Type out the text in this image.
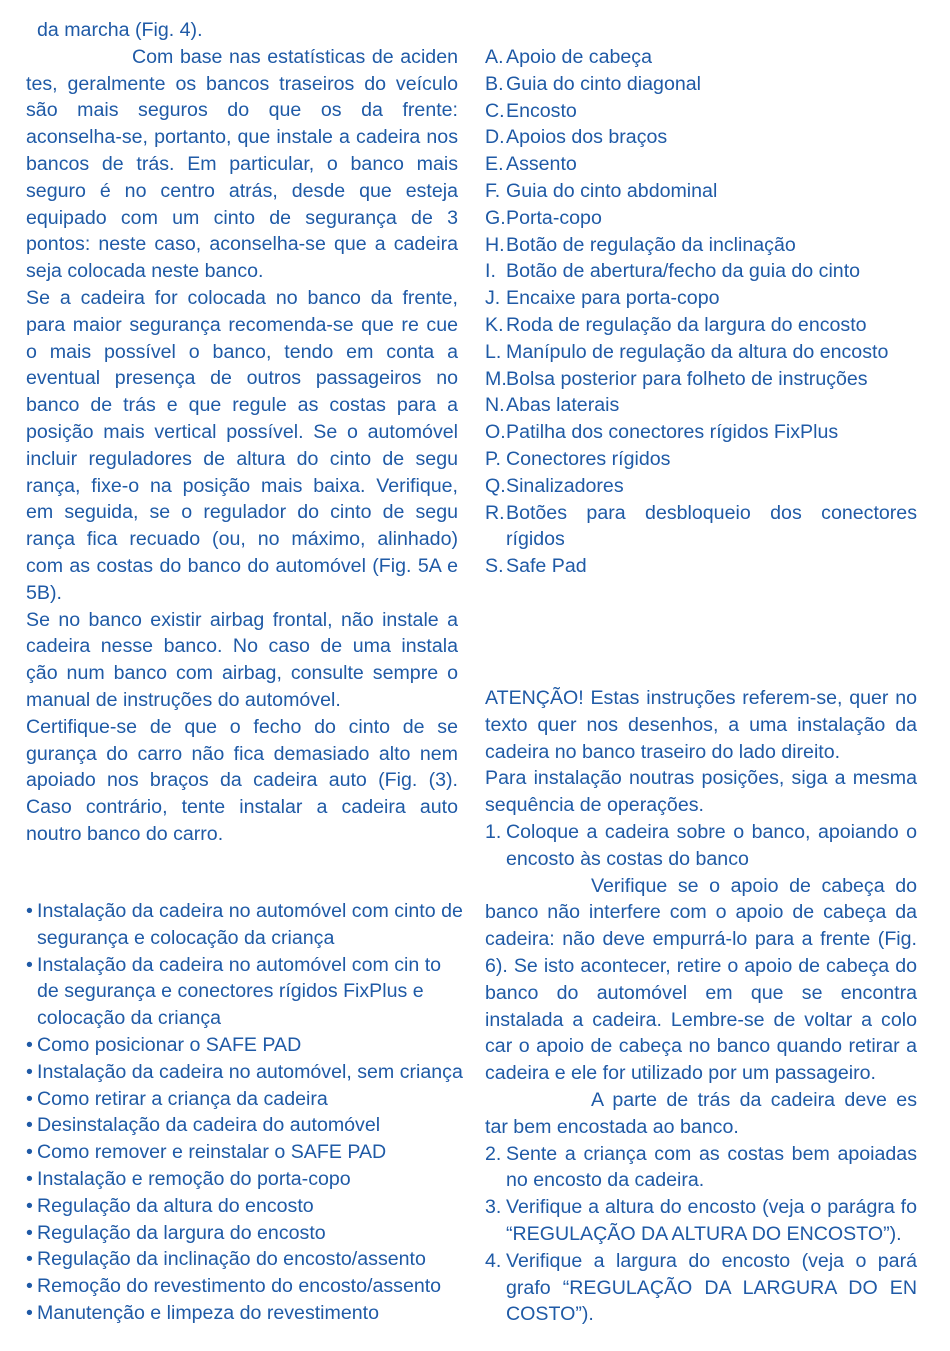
da marcha (Fig. 4).

Com base nas estatísticas de aciden tes, geralmente os bancos traseiros do veículo são mais seguros do que os da frente: aconselha-se, portanto, que instale a cadeira nos bancos de trás. Em particular, o banco mais seguro é no centro atrás, desde que esteja equipado com um cinto de segurança de 3 pontos: neste caso, aconselha-se que a cadeira seja colocada neste banco.

Se a cadeira for colocada no banco da frente, para maior segurança recomenda-se que re cue o mais possível o banco, tendo em conta a eventual presença de outros passageiros no banco de trás e que regule as costas para a posição mais vertical possível. Se o automóvel incluir reguladores de altura do cinto de segu rança, fixe-o na posição mais baixa. Verifique, em seguida, se o regulador do cinto de segu rança fica recuado (ou, no máximo, alinhado) com as costas do banco do automóvel (Fig. 5A e 5B).

Se no banco existir airbag frontal, não instale a cadeira nesse banco. No caso de uma instala ção num banco com airbag, consulte sempre o manual de instruções do automóvel.

Certifique-se de que o fecho do cinto de se gurança do carro não fica demasiado alto nem apoiado nos braços da cadeira auto (Fig. (3). Caso contrário, tente instalar a cadeira auto noutro banco do carro.

A. Apoio de cabeça
B. Guia do cinto diagonal
C. Encosto
D. Apoios dos braços
E. Assento
F. Guia do cinto abdominal
G. Porta-copo
H. Botão de regulação da inclinação
I. Botão de abertura/fecho da guia do cinto
J. Encaixe para porta-copo
K. Roda de regulação da largura do encosto
L. Manípulo de regulação da altura do encosto
M. Bolsa posterior para folheto de instruções
N. Abas laterais
O. Patilha dos conectores rígidos FixPlus
P. Conectores rígidos
Q. Sinalizadores
R. Botões para desbloqueio dos conectores rígidos
S. Safe Pad
• Instalação da cadeira no automóvel com cinto de segurança e colocação da criança
• Instalação da cadeira no automóvel com cin to de segurança e conectores rígidos FixPlus e colocação da criança
• Como posicionar o SAFE PAD
• Instalação da cadeira no automóvel, sem criança
• Como retirar a criança da cadeira
• Desinstalação da cadeira do automóvel
• Como remover e reinstalar o SAFE PAD
• Instalação e remoção do porta-copo
• Regulação da altura do encosto
• Regulação da largura do encosto
• Regulação da inclinação do encosto/assento
• Remoção do revestimento do encosto/assento
• Manutenção e limpeza do revestimento

ATENÇÃO! Estas instruções referem-se, quer no texto quer nos desenhos, a uma instalação da cadeira no banco traseiro do lado direito.

Para instalação noutras posições, siga a mesma sequência de operações.

1. Coloque a cadeira sobre o banco, apoiando o encosto às costas do banco

Verifique se o apoio de cabeça do banco não interfere com o apoio de cabeça da cadeira: não deve empurrá-lo para a frente (Fig. 6). Se isto acontecer, retire o apoio de cabeça do banco do automóvel em que se encontra instalada a cadeira. Lembre-se de voltar a colo car o apoio de cabeça no banco quando retirar a cadeira e ele for utilizado por um passageiro.

A parte de trás da cadeira deve es tar bem encostada ao banco.

2. Sente a criança com as costas bem apoiadas no encosto da cadeira.
3. Verifique a altura do encosto (veja o parágra fo “REGULAÇÃO DA ALTURA DO ENCOSTO”).
4. Verifique a largura do encosto (veja o pará grafo “REGULAÇÃO DA LARGURA DO EN COSTO”).
